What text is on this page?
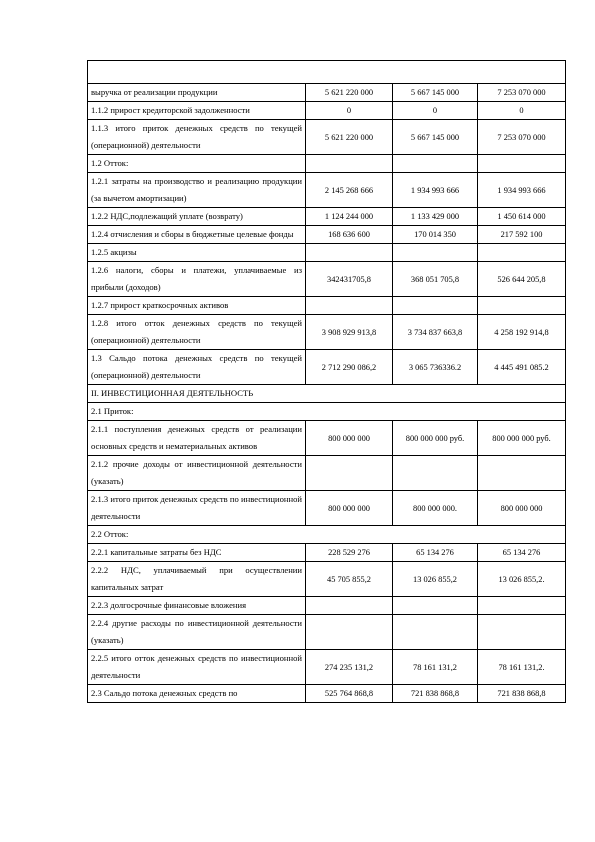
выручка от реализации продукции	5 621 220 000	5 667 145 000	7 253 070 000
1.1.2 прирост кредиторской задолженности	0	0	0
1.1.3 итого приток денежных средств по текущей (операционной) деятельности	5 621 220 000	5 667 145 000	7 253 070 000
1.2 Отток:			
1.2.1 затраты на производство и реализацию продукции (за вычетом амортизации)	2 145 268 666	1 934 993 666	1 934 993 666
1.2.2 НДС,подлежащий уплате (возврату)	1 124 244 000	1 133 429 000	1 450 614 000
1.2.4 отчисления и сборы в бюджетные целевые фонды	168 636 600	170 014 350	217 592 100
1.2.5 акцизы			
1.2.6 налоги, сборы и платежи, уплачиваемые из прибыли (доходов)	342431705,8	368 051 705,8	526 644 205,8
1.2.7 прирост краткосрочных активов			
1.2.8 итого отток денежных средств по текущей (операционной) деятельности	3 908 929 913,8	3 734 837 663,8	4 258 192 914,8
1.3 Сальдо потока денежных средств по текущей (операционной) деятельности	2 712 290 086,2	3 065 736336.2	4 445 491 085.2
II. ИНВЕСТИЦИОННАЯ ДЕЯТЕЛЬНОСТЬ			
2.1 Приток:			
2.1.1 поступления денежных средств от реализации основных средств и нематериальных активов	800 000 000	800 000 000 руб.	800 000 000 руб.
2.1.2 прочие доходы от инвестиционной деятельности (указать)			
2.1.3 итого приток денежных средств по инвестиционной деятельности	800 000 000	800 000 000.	800 000 000
2.2 Отток:			
2.2.1 капитальные затраты без НДС	228 529 276	65 134 276	65 134 276
2.2.2 НДС, уплачиваемый при осуществлении капитальных затрат	45 705 855,2	13 026 855,2	13 026 855,2.
2.2.3 долгосрочные финансовые вложения			
2.2.4 другие расходы по инвестиционной деятельности (указать)			
2.2.5 итого отток денежных средств по инвестиционной деятельности	274 235 131,2	78 161 131,2	78 161 131,2.
2.3 Сальдо потока денежных средств по	525 764 868,8	721 838 868,8	721 838 868,8
